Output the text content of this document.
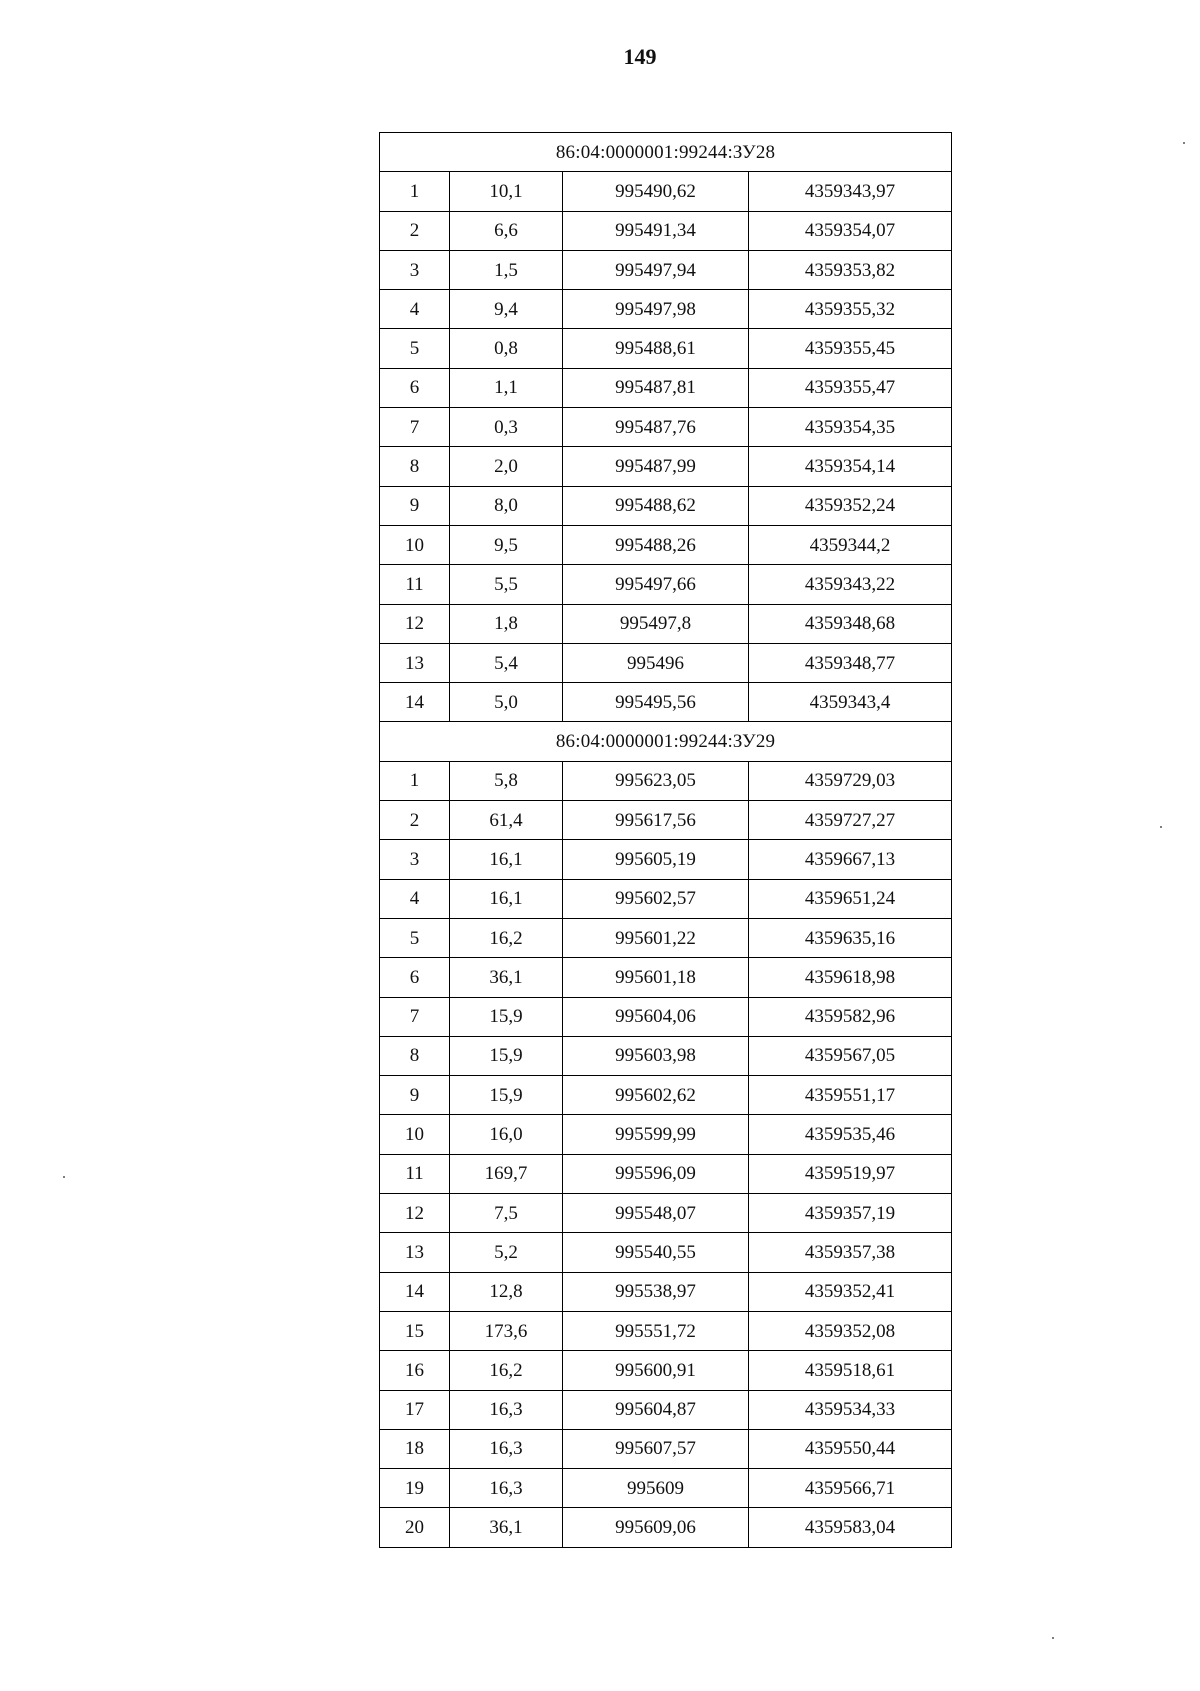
149
86:04:0000001:99244:ЗУ28			
1	10,1	995490,62	4359343,97
2	6,6	995491,34	4359354,07
3	1,5	995497,94	4359353,82
4	9,4	995497,98	4359355,32
5	0,8	995488,61	4359355,45
6	1,1	995487,81	4359355,47
7	0,3	995487,76	4359354,35
8	2,0	995487,99	4359354,14
9	8,0	995488,62	4359352,24
10	9,5	995488,26	4359344,2
11	5,5	995497,66	4359343,22
12	1,8	995497,8	4359348,68
13	5,4	995496	4359348,77
14	5,0	995495,56	4359343,4
86:04:0000001:99244:ЗУ29			
1	5,8	995623,05	4359729,03
2	61,4	995617,56	4359727,27
3	16,1	995605,19	4359667,13
4	16,1	995602,57	4359651,24
5	16,2	995601,22	4359635,16
6	36,1	995601,18	4359618,98
7	15,9	995604,06	4359582,96
8	15,9	995603,98	4359567,05
9	15,9	995602,62	4359551,17
10	16,0	995599,99	4359535,46
11	169,7	995596,09	4359519,97
12	7,5	995548,07	4359357,19
13	5,2	995540,55	4359357,38
14	12,8	995538,97	4359352,41
15	173,6	995551,72	4359352,08
16	16,2	995600,91	4359518,61
17	16,3	995604,87	4359534,33
18	16,3	995607,57	4359550,44
19	16,3	995609	4359566,71
20	36,1	995609,06	4359583,04
